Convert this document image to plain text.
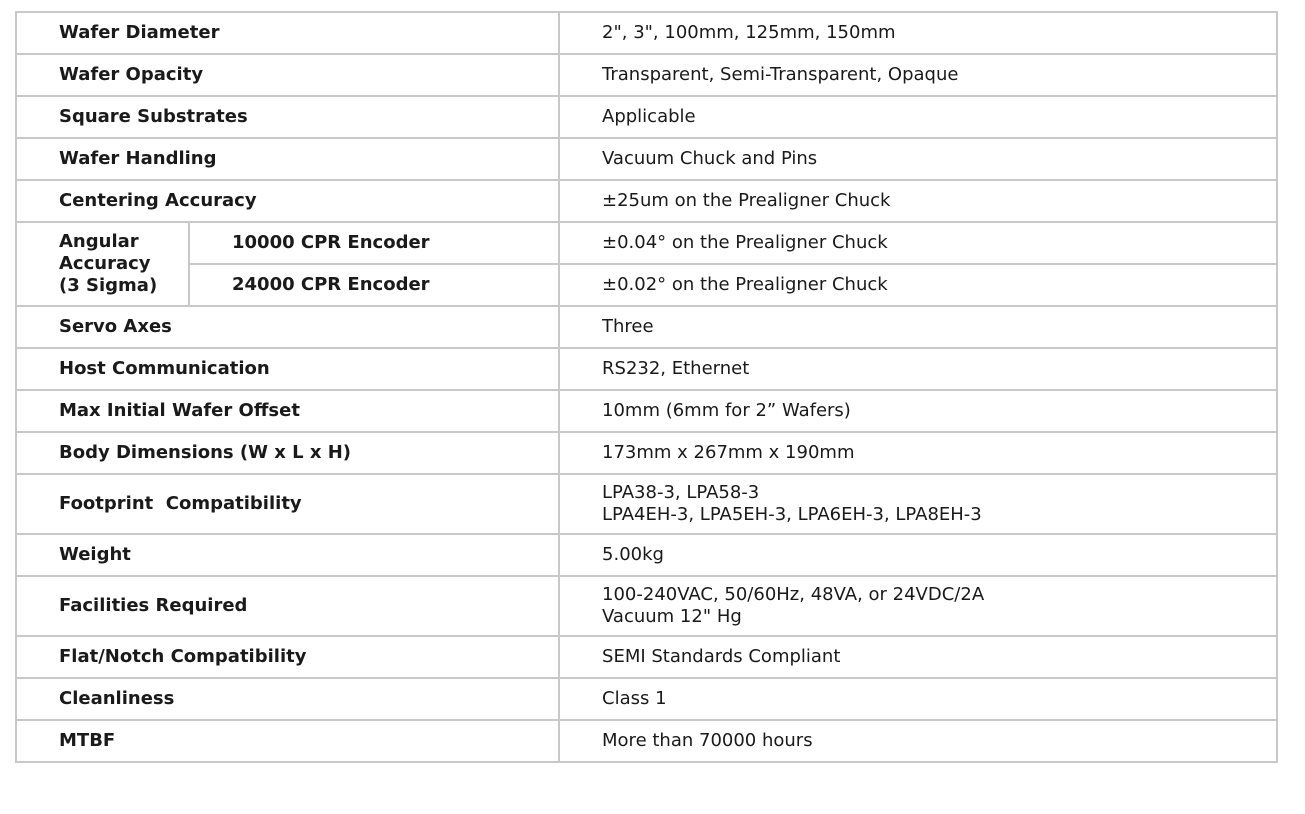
Wafer Diameter		2", 3", 100mm, 125mm, 150mm
Wafer Opacity		Transparent, Semi-Transparent, Opaque
Square Substrates		Applicable
Wafer Handling		Vacuum Chuck and Pins
Centering Accuracy		±25um on the Prealigner Chuck

Angular
Accuracy
(3 Sigma)	10000 CPR Encoder	±0.04° on the Prealigner Chuck
	24000 CPR Encoder	±0.02° on the Prealigner Chuck
Servo Axes		Three
Host Communication		RS232, Ethernet
Max Initial Wafer Offset		10mm (6mm for 2” Wafers)
Body Dimensions (W x L x H)		173mm x 267mm x 190mm
Footprint  Compatibility		LPA38-3, LPA58-3
LPA4EH-3, LPA5EH-3, LPA6EH-3, LPA8EH-3

Weight		5.00kg
Facilities Required		100-240VAC, 50/60Hz, 48VA, or 24VDC/2A
Vacuum 12" Hg

Flat/Notch Compatibility		SEMI Standards Compliant
Cleanliness		Class 1
MTBF		More than 70000 hours
